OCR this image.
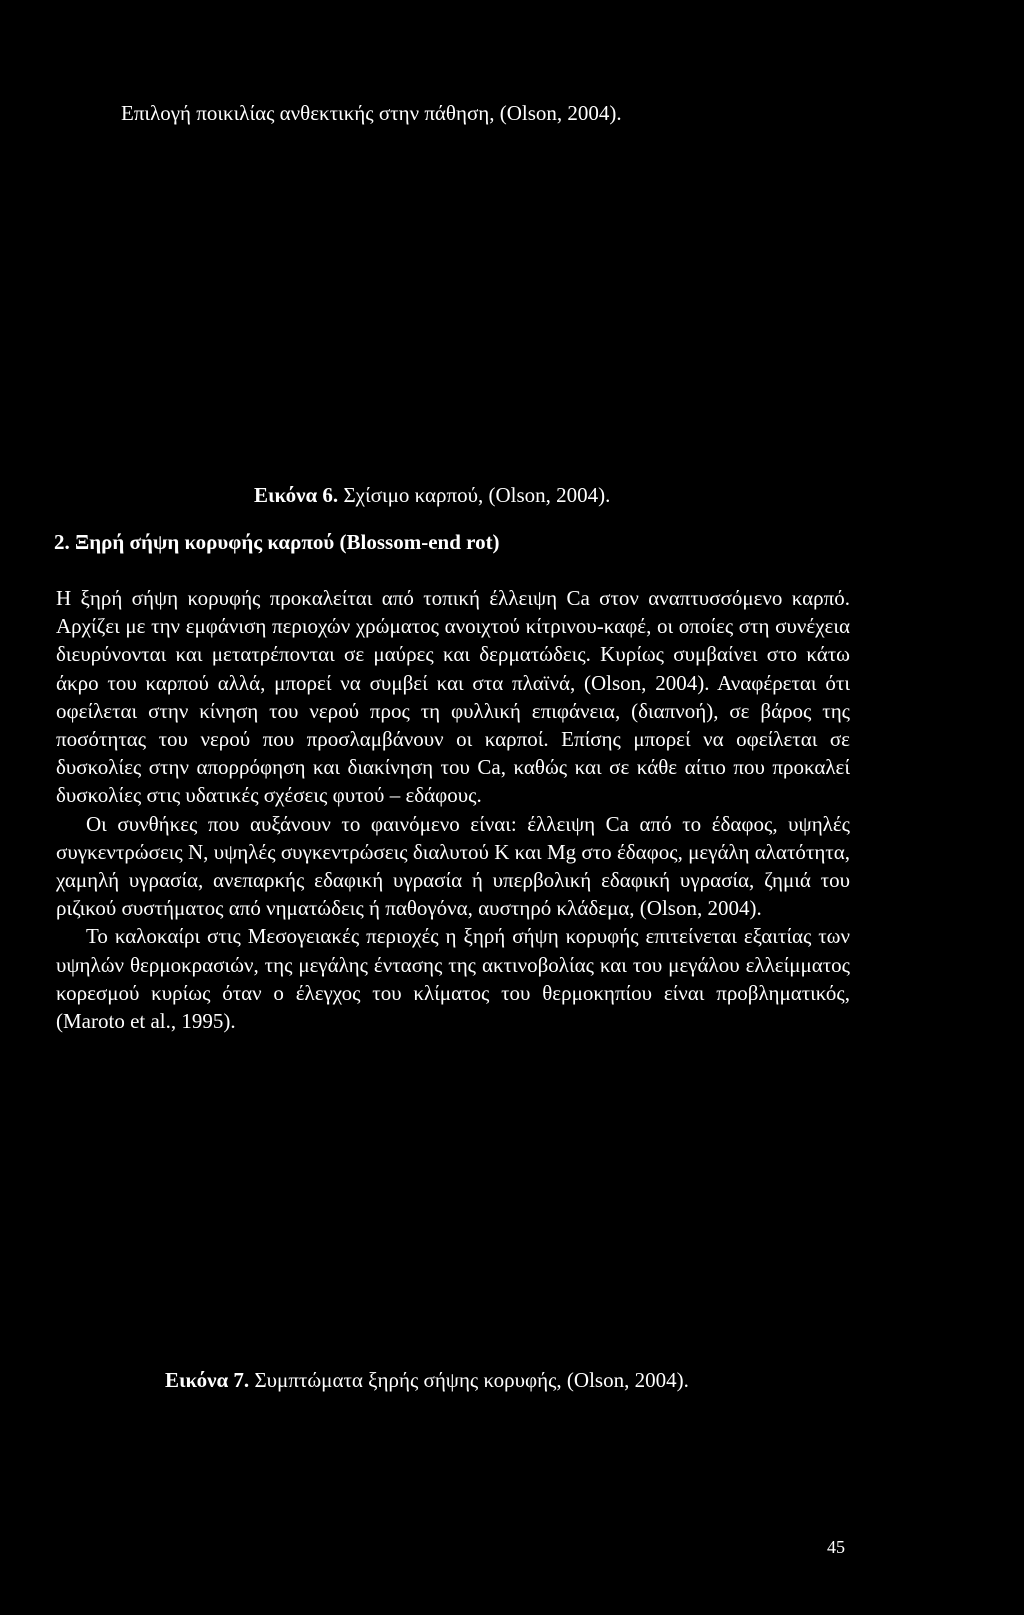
Επιλογή ποικιλίας ανθεκτικής στην πάθηση, (Olson, 2004).
Εικόνα 6. Σχίσιμο καρπού, (Olson, 2004).
2. Ξηρή σήψη κορυφής καρπού (Blossom-end rot)

Η ξηρή σήψη κορυφής προκαλείται από τοπική έλλειψη Ca στον αναπτυσσόμενο καρπό. Αρχίζει με την εμφάνιση περιοχών χρώματος ανοιχτού κίτρινου-καφέ, οι οποίες στη συνέχεια διευρύνονται και μετατρέπονται σε μαύρες και δερματώδεις. Κυρίως συμβαίνει στο κάτω άκρο του καρπού αλλά, μπορεί να συμβεί και στα πλαϊνά, (Olson, 2004). Αναφέρεται ότι οφείλεται στην κίνηση του νερού προς τη φυλλική επιφάνεια, (διαπνοή), σε βάρος της ποσότητας του νερού που προσλαμβάνουν οι καρποί. Επίσης μπορεί να οφείλεται σε δυσκολίες στην απορρόφηση και διακίνηση του Ca, καθώς και σε κάθε αίτιο που προκαλεί δυσκολίες στις υδατικές σχέσεις φυτού – εδάφους.

Οι συνθήκες που αυξάνουν το φαινόμενο είναι: έλλειψη Ca από το έδαφος, υψηλές συγκεντρώσεις N, υψηλές συγκεντρώσεις διαλυτού K και Mg στο έδαφος, μεγάλη αλατότητα, χαμηλή υγρασία, ανεπαρκής εδαφική υγρασία ή υπερβολική εδαφική υγρασία, ζημιά του ριζικού συστήματος από νηματώδεις ή παθογόνα, αυστηρό κλάδεμα, (Olson, 2004).

Το καλοκαίρι στις Μεσογειακές περιοχές η ξηρή σήψη κορυφής επιτείνεται εξαιτίας των υψηλών θερμοκρασιών, της μεγάλης έντασης της ακτινοβολίας και του μεγάλου ελλείμματος κορεσμού κυρίως όταν ο έλεγχος του κλίματος του θερμοκηπίου είναι προβληματικός, (Maroto et al., 1995).

Εικόνα 7. Συμπτώματα ξηρής σήψης κορυφής, (Olson, 2004).
45
